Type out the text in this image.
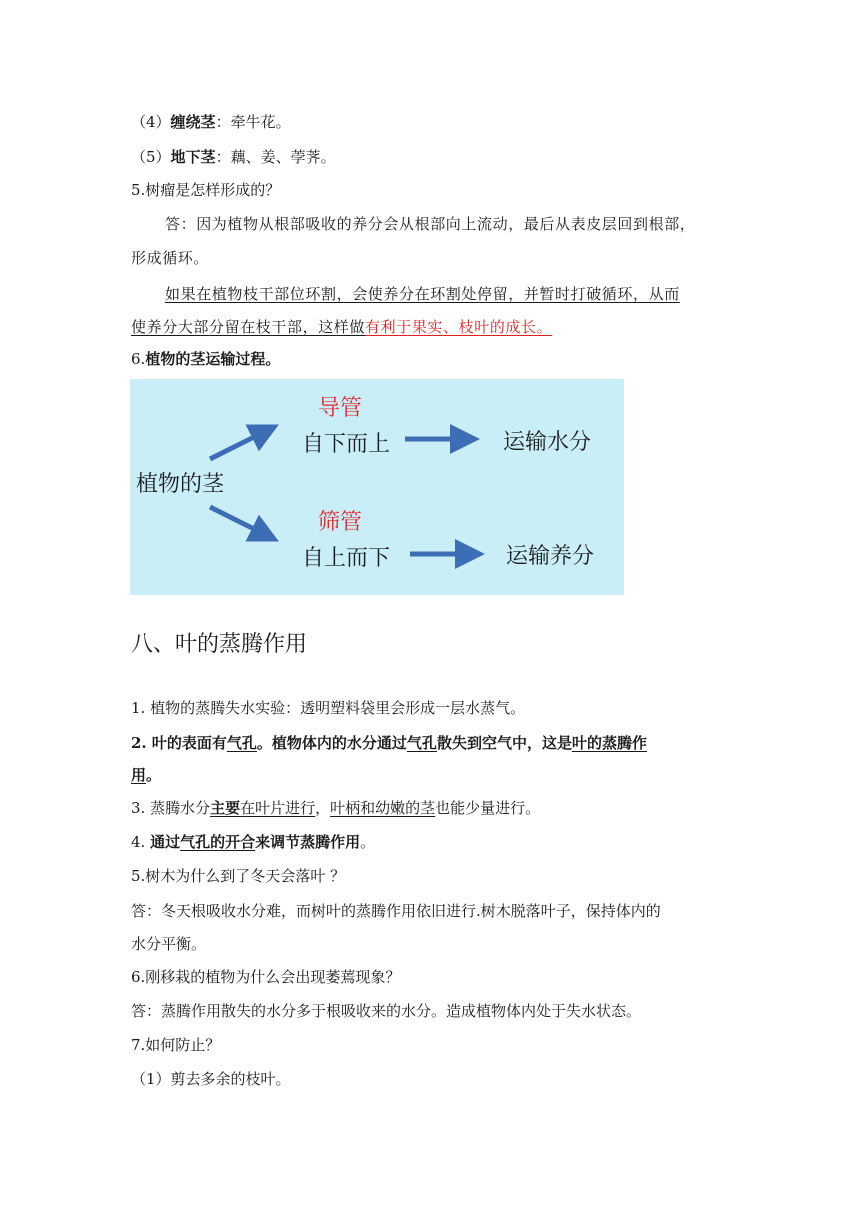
（4）缠绕茎：牵牛花。
（5）地下茎：藕、姜、荸荠。
5.树瘤是怎样形成的？
答：因为植物从根部吸收的养分会从根部向上流动，最后从表皮层回到根部，
形成循环。
如果在植物枝干部位环割，会使养分在环割处停留，并暂时打破循环，从而
使养分大部分留在枝干部，这样做有利于果实、枝叶的成长。
6.植物的茎运输过程。
植物的茎
导管
自下而上	运输水分
筛管
自上而下	运输养分
八、叶的蒸腾作用
1. 植物的蒸腾失水实验：透明塑料袋里会形成一层水蒸气。
2. 叶的表面有气孔。植物体内的水分通过气孔散失到空气中，这是叶的蒸腾作
用。
3. 蒸腾水分主要在叶片进行，叶柄和幼嫩的茎也能少量进行。
4. 通过气孔的开合来调节蒸腾作用。
5.树木为什么到了冬天会落叶 ？
答：冬天根吸收水分难，而树叶的蒸腾作用依旧进行.树木脱落叶子，保持体内的
水分平衡。
6.刚移栽的植物为什么会出现萎蔫现象？
答：蒸腾作用散失的水分多于根吸收来的水分。造成植物体内处于失水状态。
7.如何防止？
（1）剪去多余的枝叶。
